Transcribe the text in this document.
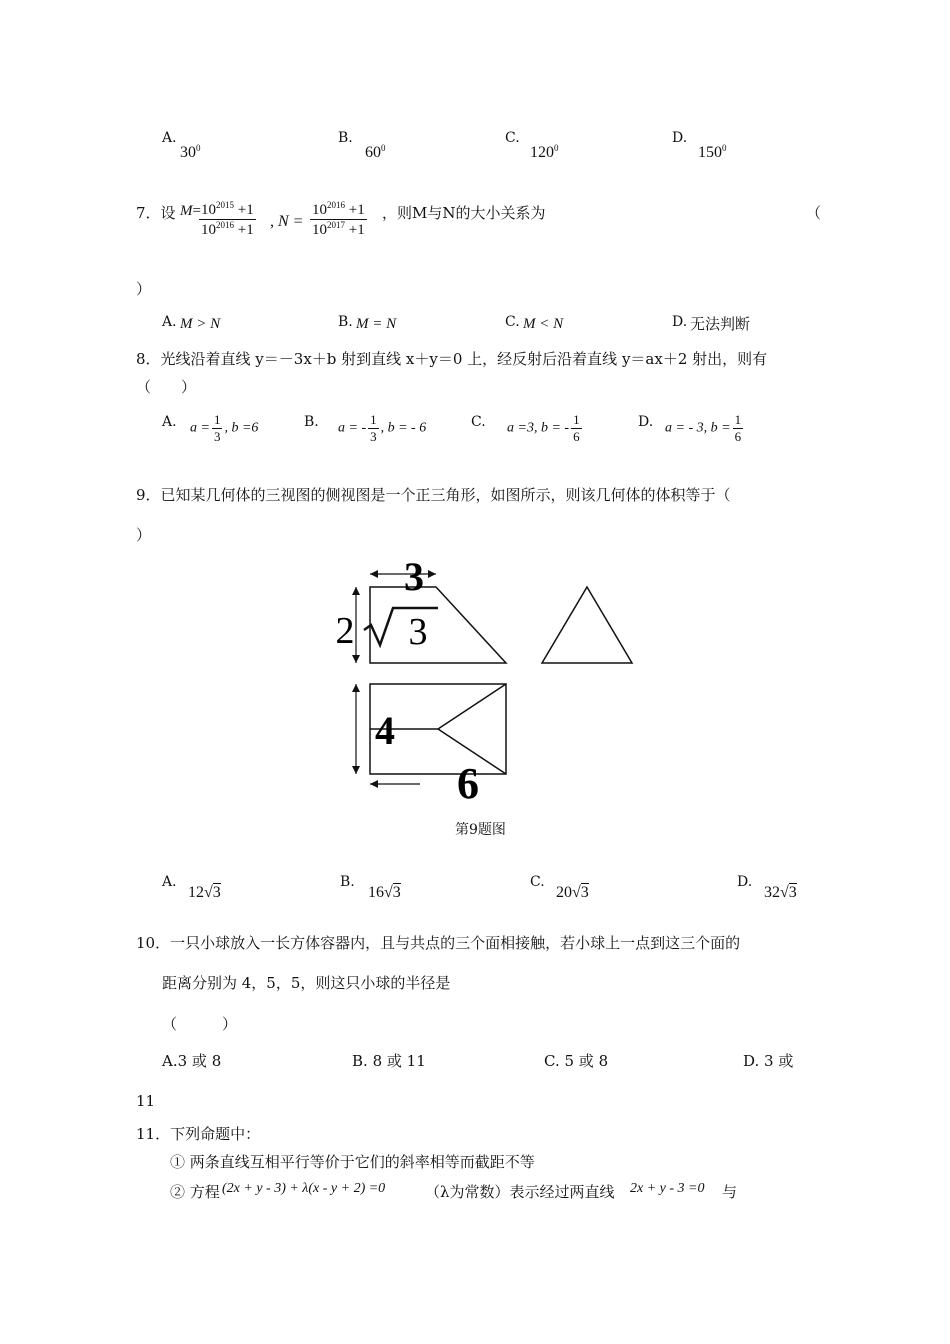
A.
$30^0$
B.
$60^0$
C.
$120^0$
D.
$150^0$
7．设 M=
$\frac{10^{2015} +1}{10^{2016} +1}$ , $N = \frac{10^{2016} +1}{10^{2017} +1}$ ，则M与N的大小关系为	（
）
A. M > N	B. M = N	C. M < N	D. 无法判断
8．光线沿着直线 y＝－3x＋b 射到直线 x＋y＝0 上，经反射后沿着直线 y＝ax＋2 射出，则有
（　　）
A. $a = \frac{1}{3}$ , b =6	B. a = - $\frac{1}{3}$ , b = - 6	C. a =3, b = - $\frac{1}{6}$	D. a = - 3, $b = \frac{1}{6}$
9．已知某几何体的三视图的侧视图是一个正三角形，如图所示，则该几何体的体积等于（
）
3
2 3
4
6
第9题图
A.
12√3
B.
16√3
C.
20√3
D.
32√3
10．一只小球放入一长方体容器内，且与共点的三个面相接触，若小球上一点到这三个面的
距离分别为 4，5，5，则这只小球的半径是
（　　　）
A.3 或 8	B. 8 或 11	C. 5 或 8	D. 3 或
11
11．下列命题中：
① 两条直线互相平行等价于它们的斜率相等而截距不等
② 方程 (2x + y - 3) + λ(x - y + 2) =0	（λ为常数）表示经过两直线 2x + y - 3 =0 与
